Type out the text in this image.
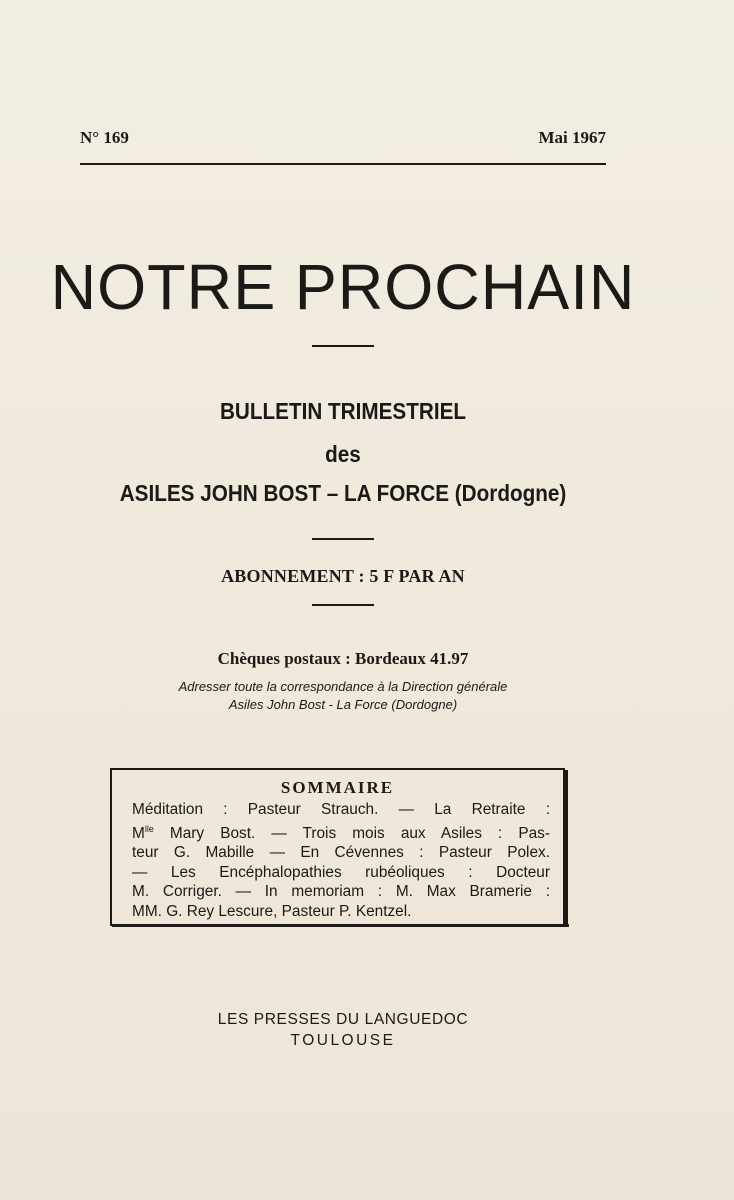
N° 169	Mai 1967
NOTRE PROCHAIN
BULLETIN TRIMESTRIEL
des
ASILES JOHN BOST – LA FORCE (Dordogne)
ABONNEMENT : 5 F PAR AN
Chèques postaux : Bordeaux 41.97
Adresser toute la correspondance à la Direction générale
Asiles John Bost - La Force (Dordogne)
SOMMAIRE
Méditation : Pasteur Strauch. — La Retraite :
$M^{lle}$ Mary Bost. — Trois mois aux Asiles : Pas-
teur G. Mabille — En Cévennes : Pasteur Polex.
— Les Encéphalopathies rubéoliques : Docteur
M. Corriger. — In memoriam : M. Max Bramerie :
MM. G. Rey Lescure, Pasteur P. Kentzel.
LES PRESSES DU LANGUEDOC
TOULOUSE
